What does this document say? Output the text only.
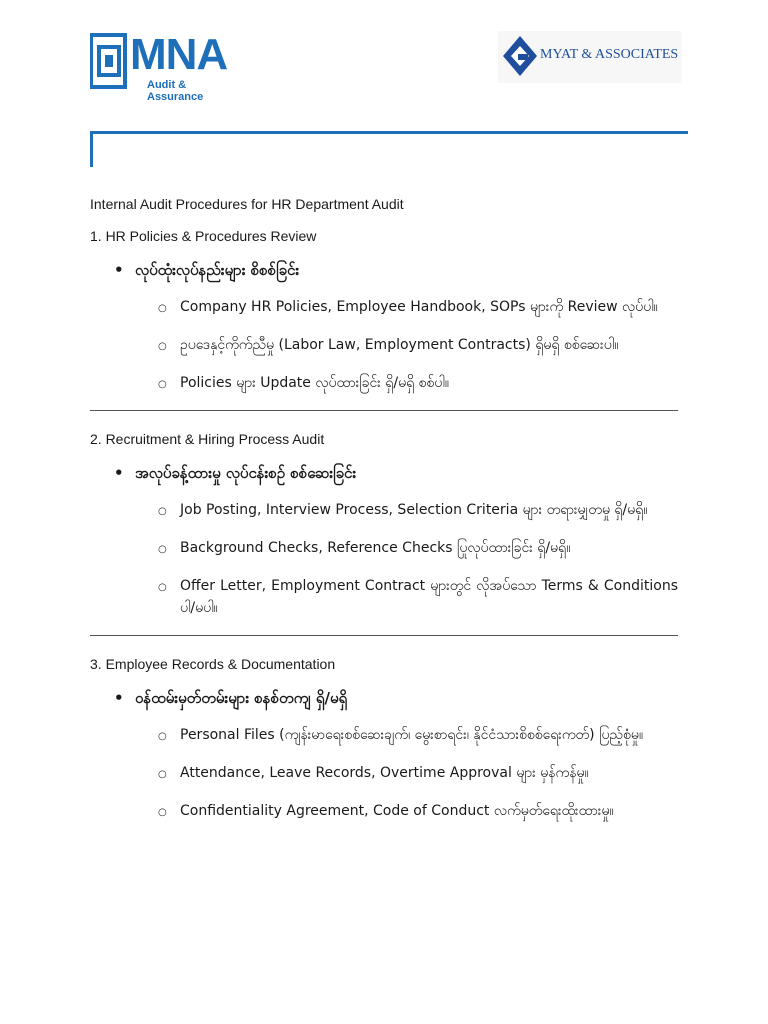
MNA
Audit & Assurance
MYAT & ASSOCIATES

Internal Audit Procedures for HR Department Audit

1. HR Policies & Procedures Review

• လုပ်ထုံးလုပ်နည်းများ စိစစ်ခြင်း
○ Company HR Policies, Employee Handbook, SOPs များကို Review လုပ်ပါ။
○ ဥပဒေနှင့်ကိုက်ညီမှု (Labor Law, Employment Contracts) ရှိမရှိ စစ်ဆေးပါ။
○ Policies များ Update လုပ်ထားခြင်း ရှိ/မရှိ စစ်ပါ။

2. Recruitment & Hiring Process Audit

• အလုပ်ခန့်ထားမှု လုပ်ငန်းစဉ် စစ်ဆေးခြင်း
○ Job Posting, Interview Process, Selection Criteria များ တရားမျှတမှု ရှိ/မရှိ။
○ Background Checks, Reference Checks ပြုလုပ်ထားခြင်း ရှိ/မရှိ။
○ Offer Letter, Employment Contract များတွင် လိုအပ်သော Terms & Conditions ပါ/မပါ။

3. Employee Records & Documentation

• ဝန်ထမ်းမှတ်တမ်းများ စနစ်တကျ ရှိ/မရှိ
○ Personal Files (ကျန်းမာရေးစစ်ဆေးချက်၊ မွေးစာရင်း၊ နိုင်ငံသားစိစစ်ရေးကတ်) ပြည့်စုံမှု။
○ Attendance, Leave Records, Overtime Approval များ မှန်ကန်မှု။
○ Confidentiality Agreement, Code of Conduct လက်မှတ်ရေးထိုးထားမှု။
